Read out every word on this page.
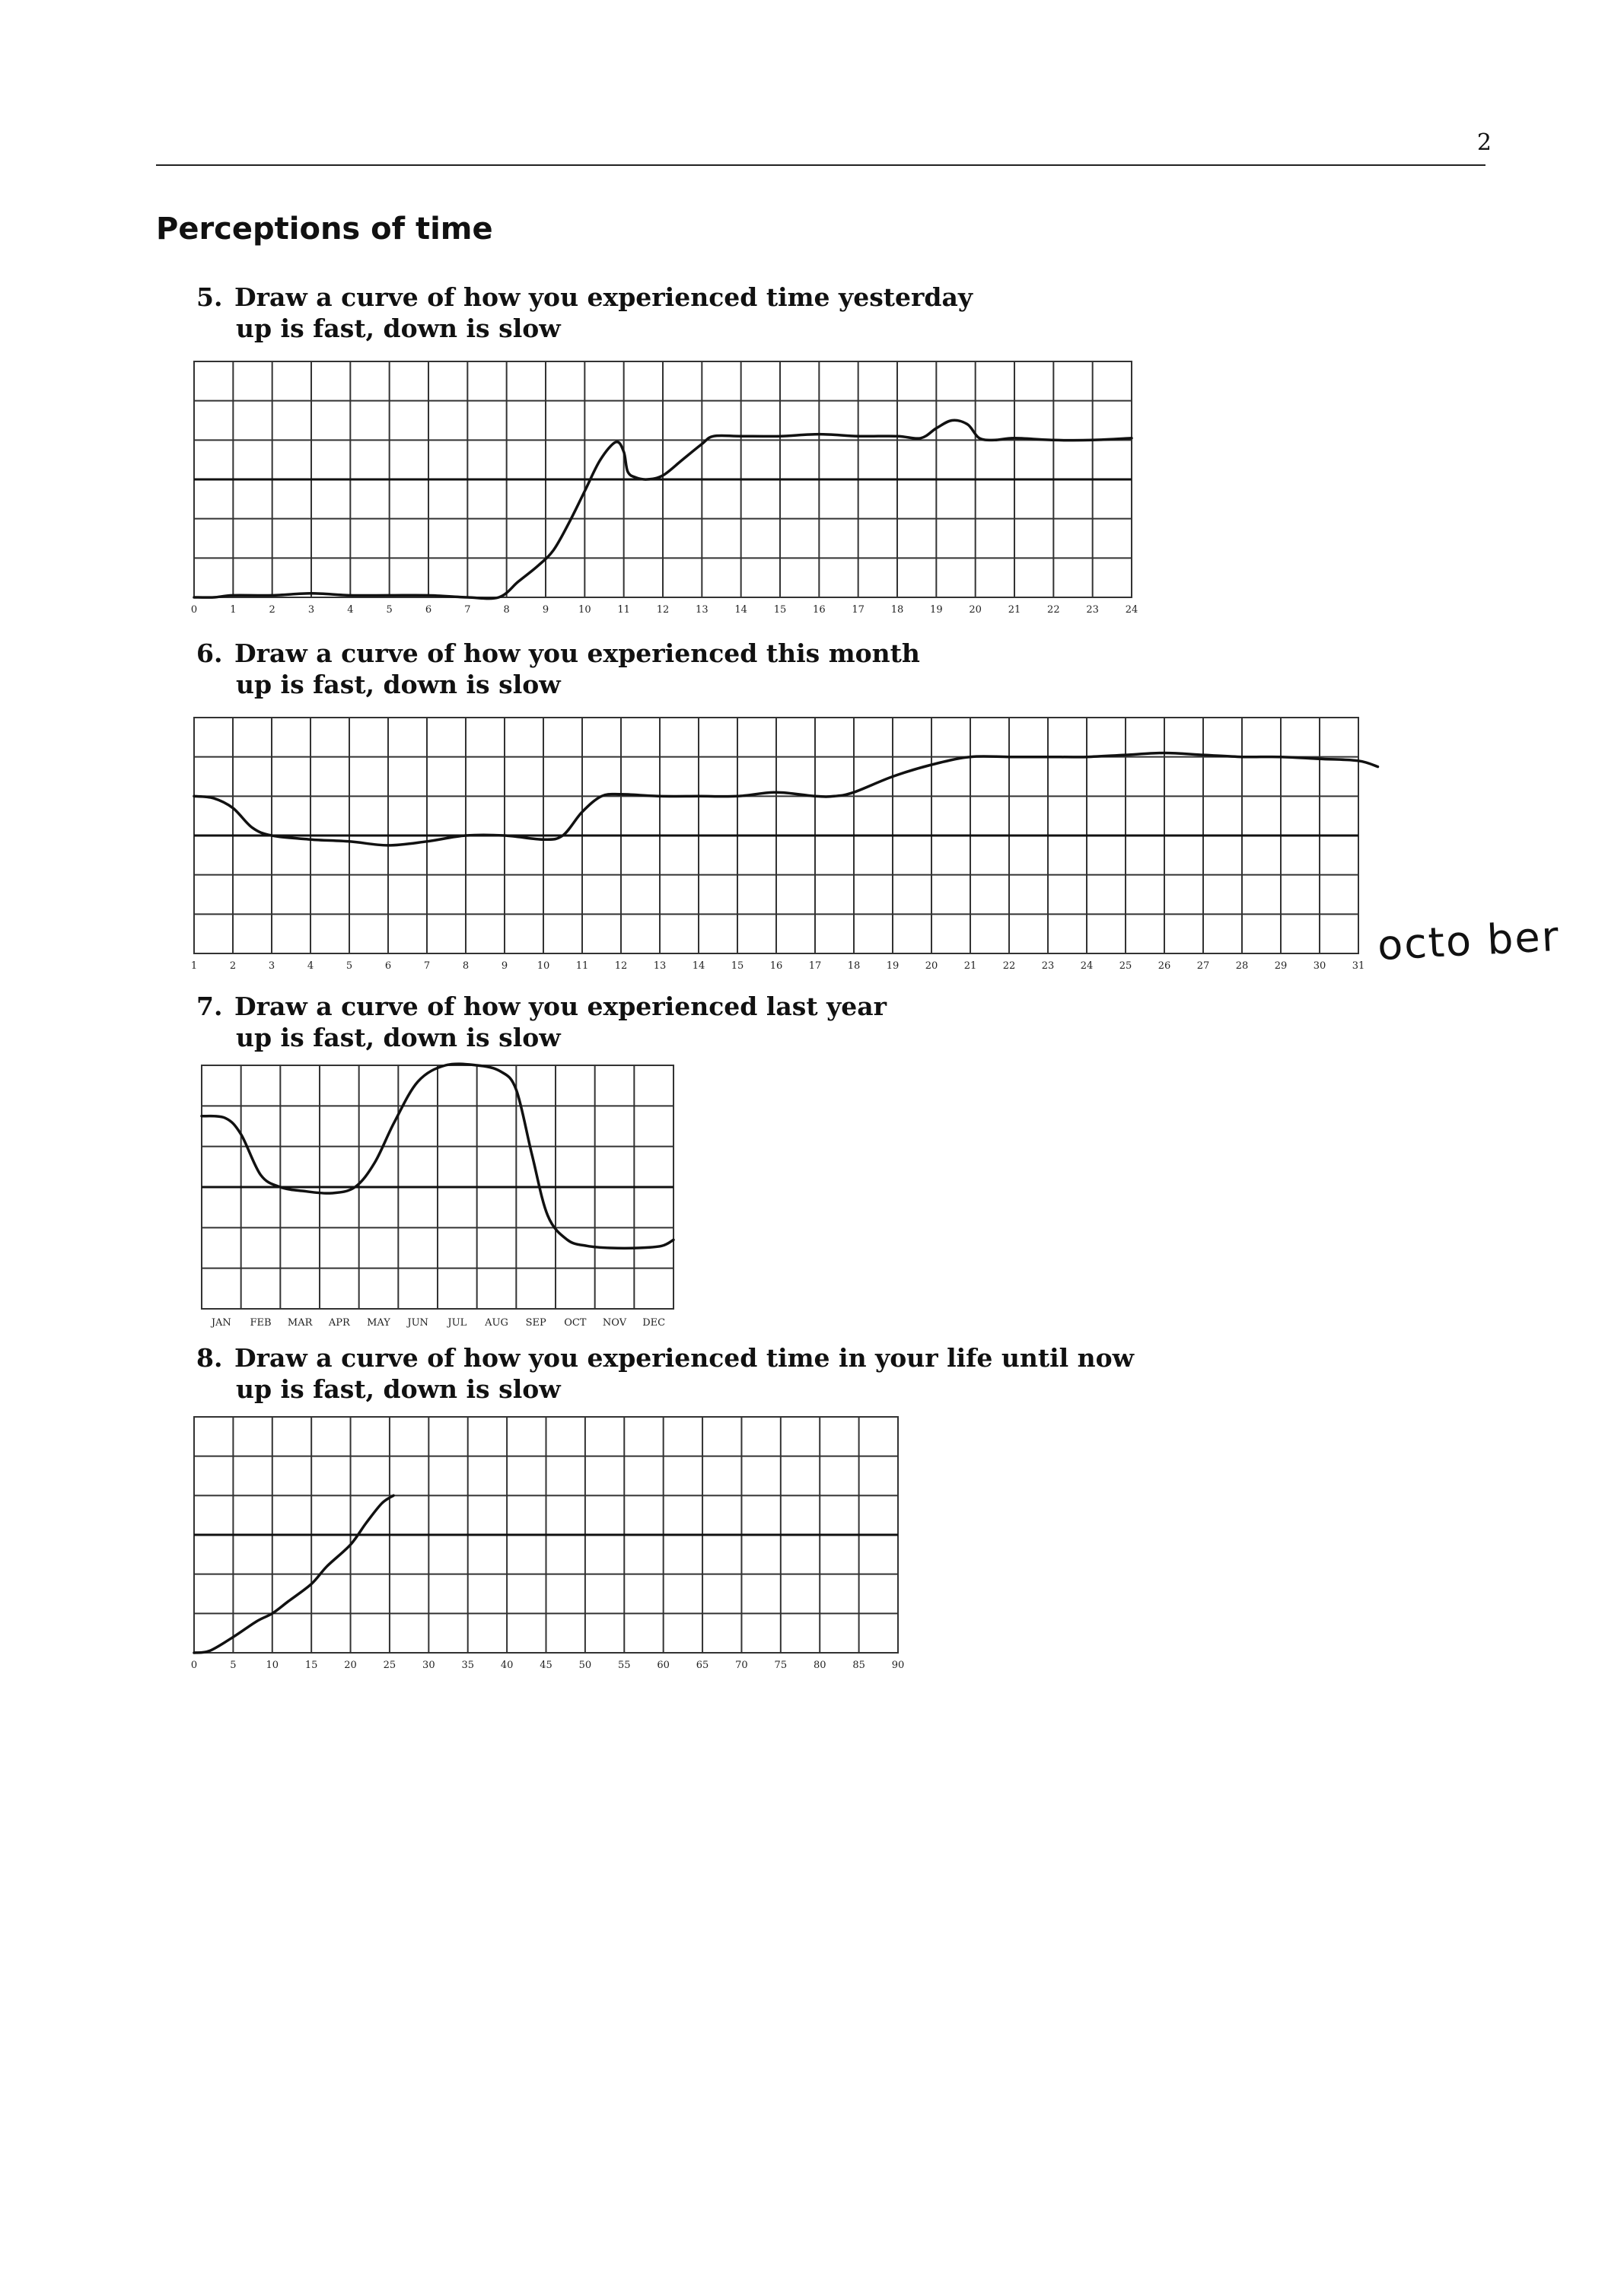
2
Perceptions of time
5. Draw a curve of how you experienced time yesterday
up is fast, down is slow
0	1	2	3	4	5	6	7	8	9	10	11	12	13	14	15	16	17	18	19	20	21	22	23	24
6. Draw a curve of how you experienced this month
up is fast, down is slow
1	2	3	4	5	6	7	8	9	10	11	12	13	14	15	16	17	18	19	20	21	22	23	24	25	26	27	28	29	30	31 octo ber
7. Draw a curve of how you experienced last year
up is fast, down is slow
JAN FEB MAR APR MAY JUN JUL AUG SEP OCT NOV DEC
8. Draw a curve of how you experienced time in your life until now
up is fast, down is slow
0	5	10	15	20	25	30	35	40	45	50	55	60	65	70	75	80	85	90
